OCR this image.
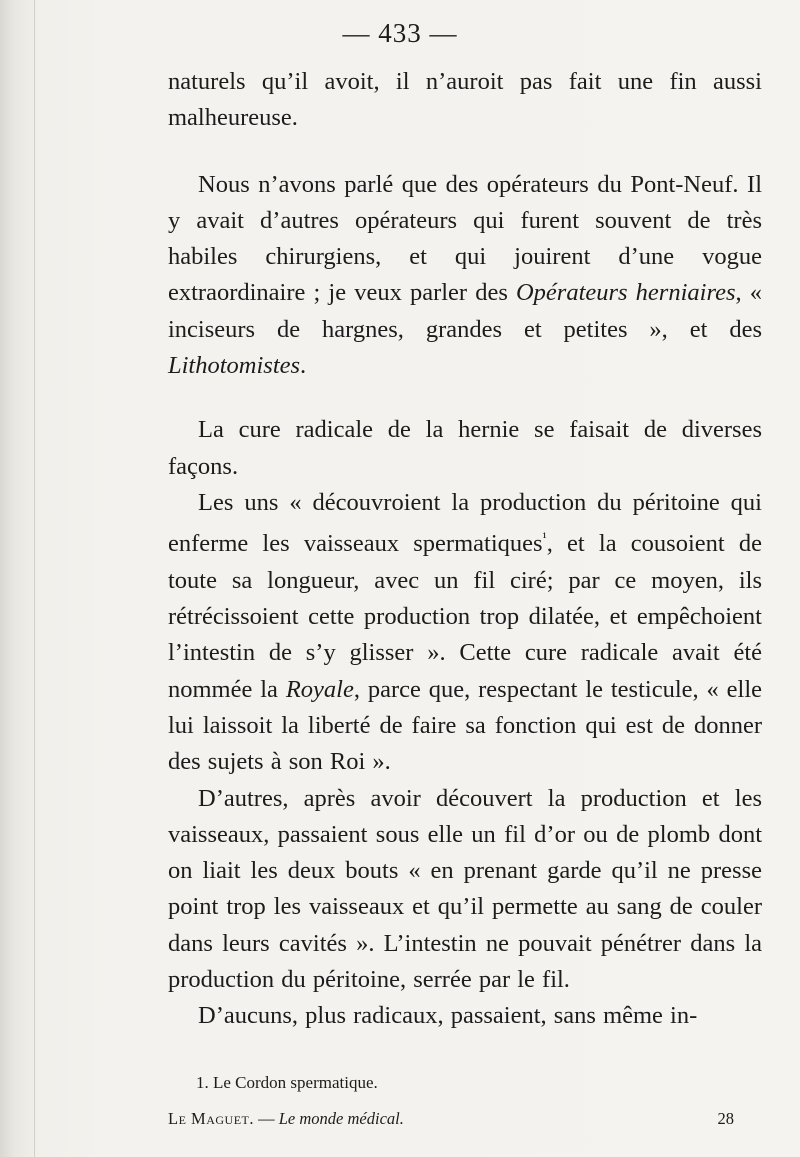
— 433 —

naturels qu’il avoit, il n’auroit pas fait une fin aussi malheureuse.

Nous n’avons parlé que des opérateurs du Pont-Neuf. Il y avait d’autres opérateurs qui furent souvent de très habiles chirurgiens, et qui jouirent d’une vogue extraordinaire ; je veux parler des Opérateurs herniaires, « inciseurs de hargnes, grandes et petites », et des Lithotomistes.

La cure radicale de la hernie se faisait de diverses façons.

Les uns « découvroient la production du péritoine qui enferme les vaisseaux spermatiques$^{^1}$, et la cousoient de toute sa longueur, avec un fil ciré; par ce moyen, ils rétrécissoient cette production trop dilatée, et empêchoient l’intestin de s’y glisser ». Cette cure radicale avait été nommée la Royale, parce que, respectant le testicule, « elle lui laissoit la liberté de faire sa fonction qui est de donner des sujets à son Roi ».

D’autres, après avoir découvert la production et les vaisseaux, passaient sous elle un fil d’or ou de plomb dont on liait les deux bouts « en prenant garde qu’il ne presse point trop les vaisseaux et qu’il permette au sang de couler dans leurs cavités ». L’intestin ne pouvait pénétrer dans la production du péritoine, serrée par le fil.

D’aucuns, plus radicaux, passaient, sans même in-

1. Le Cordon spermatique.
Le Maguet. — Le monde médical.	28
